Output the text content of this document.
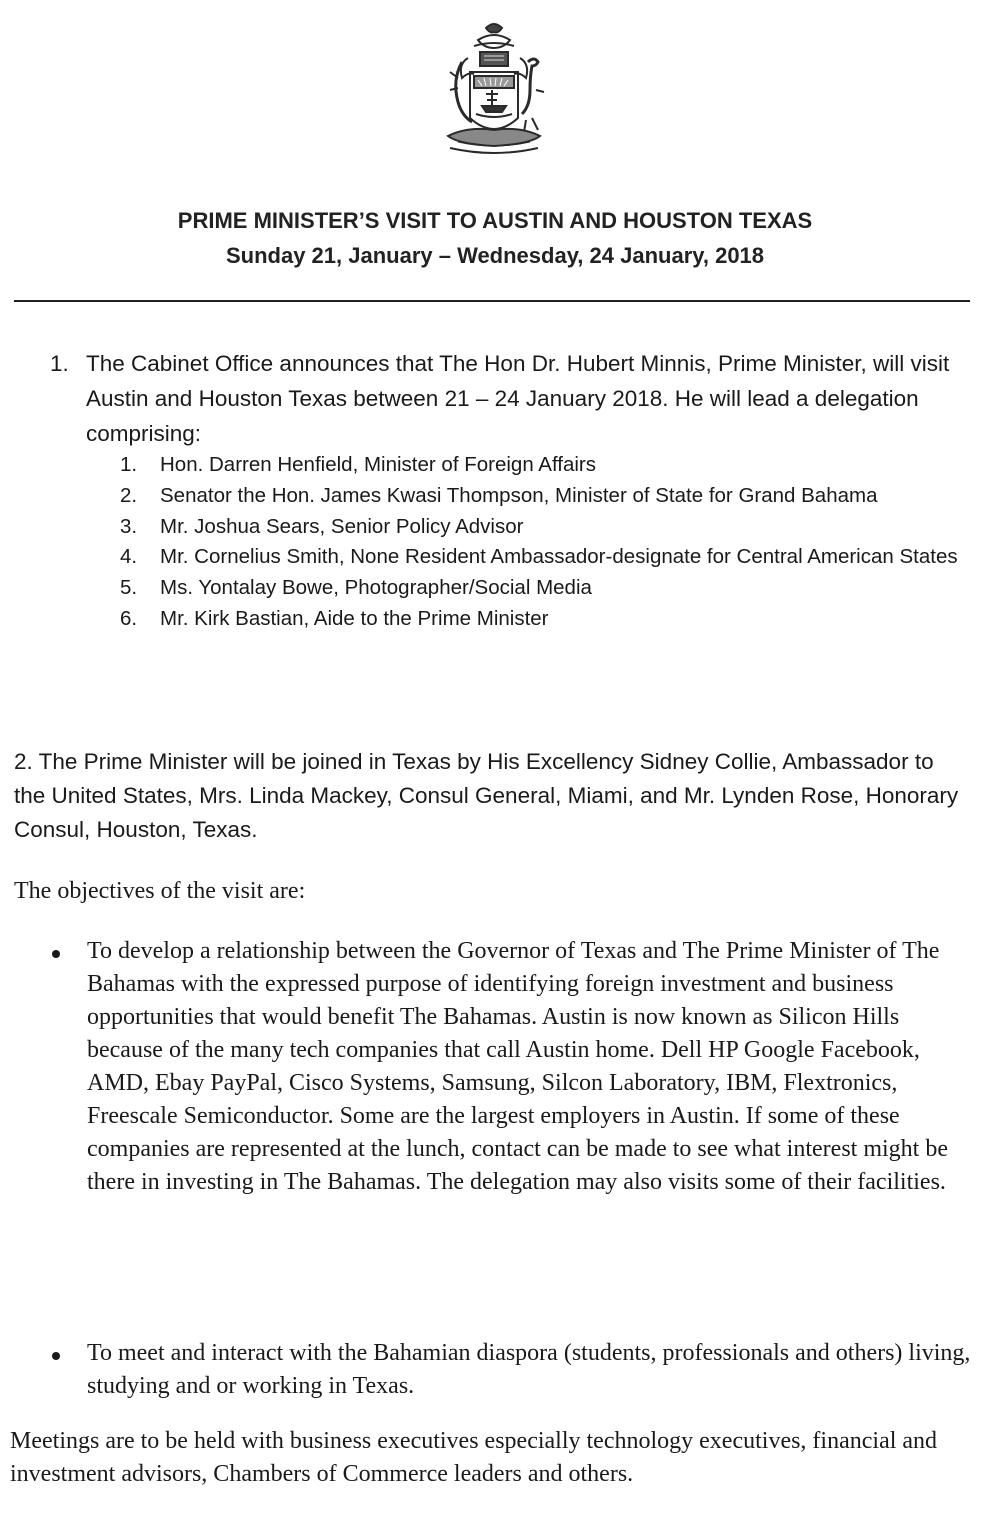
PRIME MINISTER’S VISIT TO AUSTIN AND HOUSTON TEXAS
Sunday 21, January – Wednesday, 24 January, 2018
1. The Cabinet Office announces that The Hon Dr. Hubert Minnis, Prime Minister, will visit Austin and Houston Texas between 21 – 24 January 2018. He will lead a delegation comprising:
1. Hon. Darren Henfield, Minister of Foreign Affairs
2. Senator the Hon. James Kwasi Thompson, Minister of State for Grand Bahama
3. Mr. Joshua Sears, Senior Policy Advisor
4. Mr. Cornelius Smith, None Resident Ambassador-designate for Central American States
5. Ms. Yontalay Bowe, Photographer/Social Media
6. Mr. Kirk Bastian, Aide to the Prime Minister
2. The Prime Minister will be joined in Texas by His Excellency Sidney Collie, Ambassador to the United States, Mrs. Linda Mackey, Consul General, Miami, and Mr. Lynden Rose, Honorary Consul, Houston, Texas.
The objectives of the visit are:
To develop a relationship between the Governor of Texas and The Prime Minister of The Bahamas with the expressed purpose of identifying foreign investment and business opportunities that would benefit The Bahamas. Austin is now known as Silicon Hills because of the many tech companies that call Austin home. Dell HP Google Facebook, AMD, Ebay PayPal, Cisco Systems, Samsung, Silcon Laboratory, IBM, Flextronics, Freescale Semiconductor. Some are the largest employers in Austin. If some of these companies are represented at the lunch, contact can be made to see what interest might be there in investing in The Bahamas. The delegation may also visits some of their facilities.
To meet and interact with the Bahamian diaspora (students, professionals and others) living, studying and or working in Texas.
Meetings are to be held with business executives especially technology executives, financial and investment advisors, Chambers of Commerce leaders and others.
